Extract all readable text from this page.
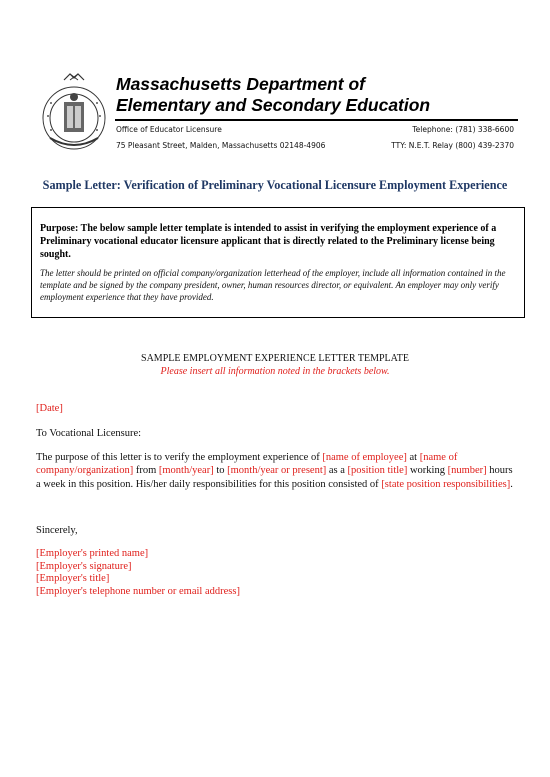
Massachusetts Department of
Elementary and Secondary Education
Office of Educator Licensure
75 Pleasant Street, Malden, Massachusetts 02148-4906
Telephone: (781) 338-6600
TTY: N.E.T. Relay (800) 439-2370
Sample Letter: Verification of Preliminary Vocational Licensure Employment Experience
Purpose: The below sample letter template is intended to assist in verifying the employment experience of a Preliminary vocational educator licensure applicant that is directly related to the Preliminary license being sought.
The letter should be printed on official company/organization letterhead of the employer, include all information contained in the template and be signed by the company president, owner, human resources director, or equivalent. An employer may only verify employment experience that they have provided.
SAMPLE EMPLOYMENT EXPERIENCE LETTER TEMPLATE
Please insert all information noted in the brackets below.
[Date]
To Vocational Licensure:
The purpose of this letter is to verify the employment experience of [name of employee] at [name of company/organization] from [month/year] to [month/year or present] as a [position title] working [number] hours a week in this position. His/her daily responsibilities for this position consisted of [state position responsibilities].
Sincerely,
[Employer's printed name]
[Employer's signature]
[Employer's title]
[Employer's telephone number or email address]
